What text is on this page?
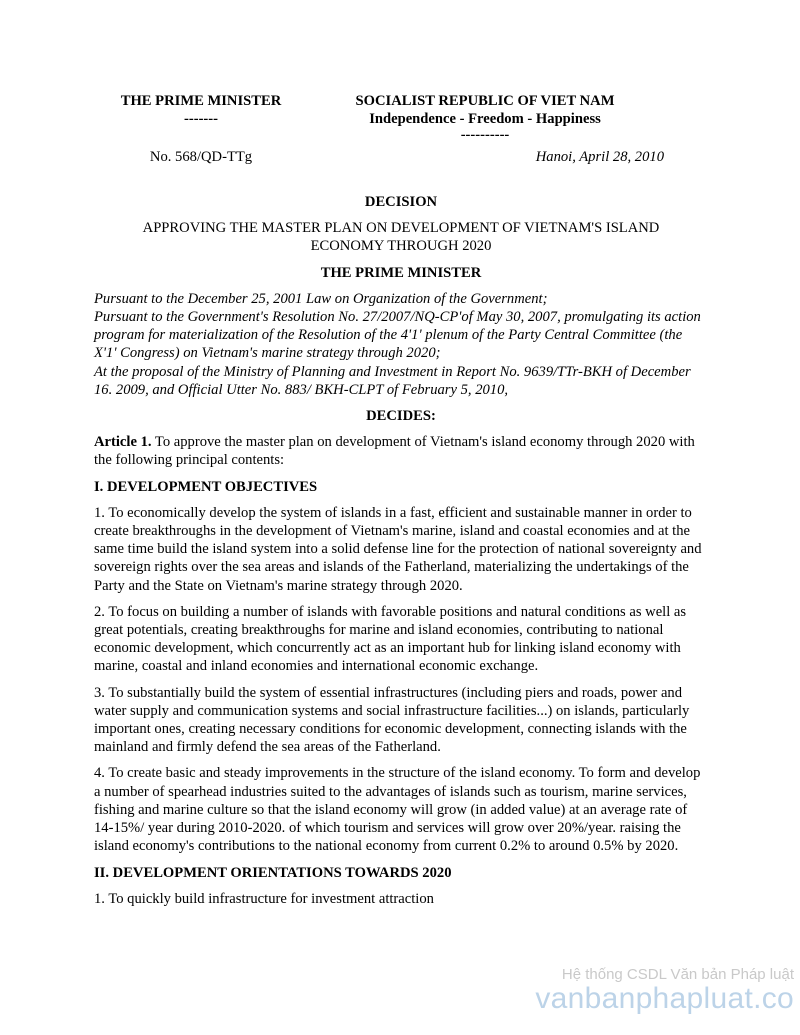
THE PRIME MINISTER
-------
SOCIALIST REPUBLIC OF VIET NAM
Independence - Freedom - Happiness
----------
No. 568/QD-TTg	Hanoi, April 28, 2010
DECISION
APPROVING THE MASTER PLAN ON DEVELOPMENT OF VIETNAM'S ISLAND ECONOMY THROUGH 2020
THE PRIME MINISTER
Pursuant to the December 25, 2001 Law on Organization of the Government;
Pursuant to the Government's Resolution No. 27/2007/NQ-CP'of May 30, 2007, promulgating its action program for materialization of the Resolution of the 4'1' plenum of the Party Central Committee (the X'1' Congress) on Vietnam's marine strategy through 2020;
At the proposal of the Ministry of Planning and Investment in Report No. 9639/TTr-BKH of December 16. 2009, and Official Utter No. 883/ BKH-CLPT of February 5, 2010,
DECIDES:

Article 1. To approve the master plan on development of Vietnam's island economy through 2020 with the following principal contents:

I. DEVELOPMENT OBJECTIVES

1. To economically develop the system of islands in a fast, efficient and sustainable manner in order to create breakthroughs in the development of Vietnam's marine, island and coastal economies and at the same time build the island system into a solid defense line for the protection of national sovereignty and sovereign rights over the sea areas and islands of the Fatherland, materializing the undertakings of the Party and the State on Vietnam's marine strategy through 2020.

2. To focus on building a number of islands with favorable positions and natural conditions as well as great potentials, creating breakthroughs for marine and island economies, contributing to national economic development, which concurrently act as an important hub for linking island economy with marine, coastal and inland economies and international economic exchange.

3. To substantially build the system of essential infrastructures (including piers and roads, power and water supply and communication systems and social infrastructure facilities...) on islands, particularly important ones, creating necessary conditions for economic development, connecting islands with the mainland and firmly defend the sea areas of the Fatherland.

4. To create basic and steady improvements in the structure of the island economy. To form and develop a number of spearhead industries suited to the advantages of islands such as tourism, marine services, fishing and marine culture so that the island economy will grow (in added value) at an average rate of 14-15%/ year during 2010-2020. of which tourism and services will grow over 20%/year. raising the island economy's contributions to the national economy from current 0.2% to around 0.5% by 2020.

II. DEVELOPMENT ORIENTATIONS TOWARDS 2020

1. To quickly build infrastructure for investment attraction

Hệ thống CSDL Văn bản Pháp luật
vanbanphapluat.co
